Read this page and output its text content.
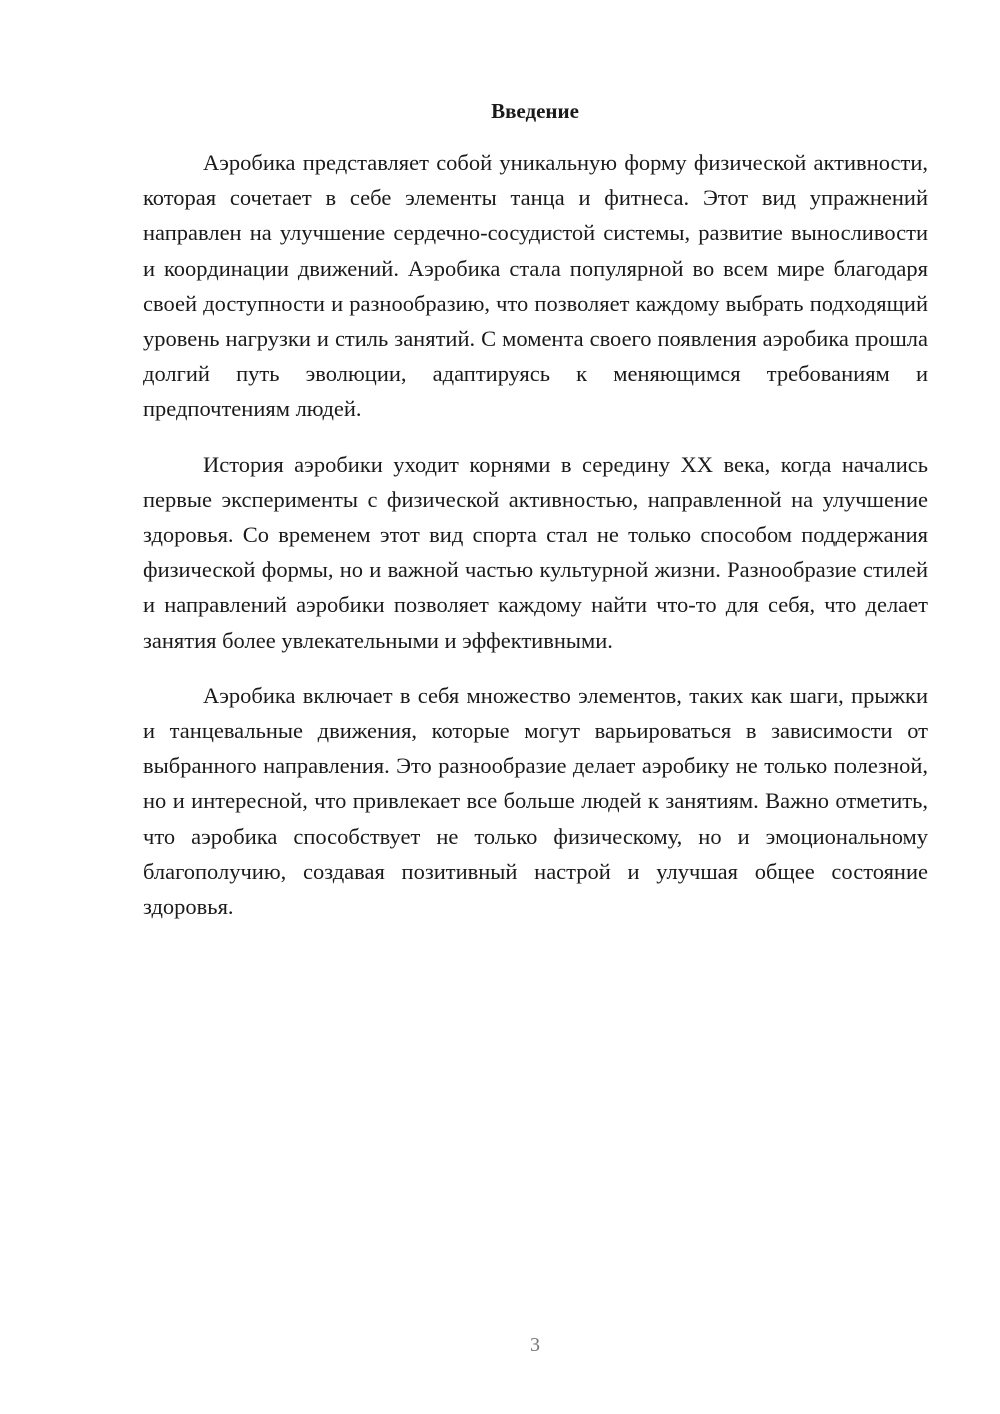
Введение

Аэробика представляет собой уникальную форму физической активности, которая сочетает в себе элементы танца и фитнеса. Этот вид упражнений направлен на улучшение сердечно-сосудистой системы, развитие выносливости и координации движений. Аэробика стала популярной во всем мире благодаря своей доступности и разнообразию, что позволяет каждому выбрать подходящий уровень нагрузки и стиль занятий. С момента своего появления аэробика прошла долгий путь эволюции, адаптируясь к меняющимся требованиям и предпочтениям людей.

История аэробики уходит корнями в середину XX века, когда начались первые эксперименты с физической активностью, направленной на улучшение здоровья. Со временем этот вид спорта стал не только способом поддержания физической формы, но и важной частью культурной жизни. Разнообразие стилей и направлений аэробики позволяет каждому найти что-то для себя, что делает занятия более увлекательными и эффективными.

Аэробика включает в себя множество элементов, таких как шаги, прыжки и танцевальные движения, которые могут варьироваться в зависимости от выбранного направления. Это разнообразие делает аэробику не только полезной, но и интересной, что привлекает все больше людей к занятиям. Важно отметить, что аэробика способствует не только физическому, но и эмоциональному благополучию, создавая позитивный настрой и улучшая общее состояние здоровья.

3
